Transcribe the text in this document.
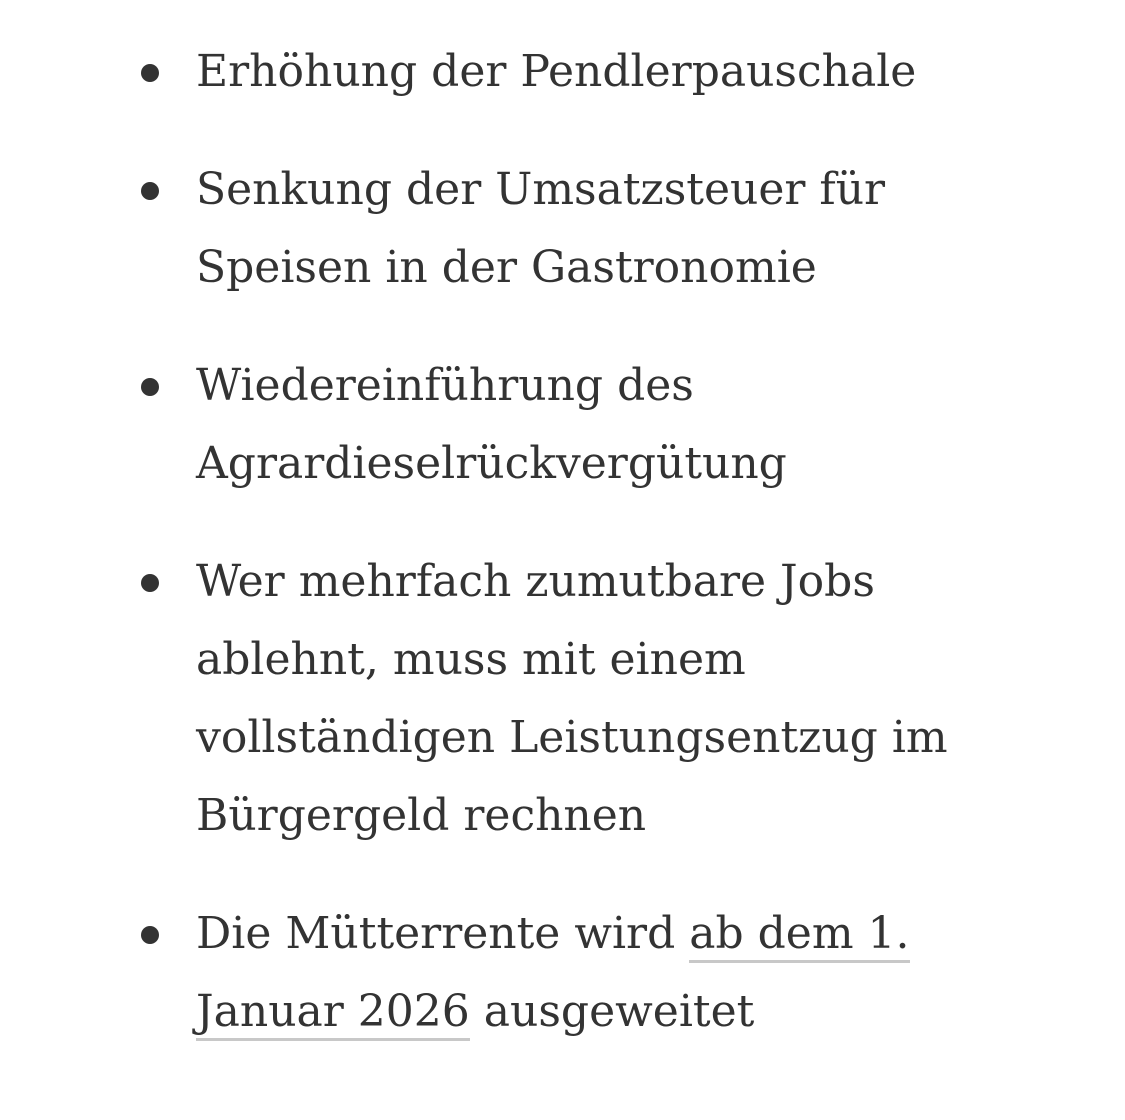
Erhöhung der Pendlerpauschale
Senkung der Umsatzsteuer für Speisen in der Gastronomie
Wiedereinführung des Agrardieselrückvergütung
Wer mehrfach zumutbare Jobs ablehnt, muss mit einem vollständigen Leistungsentzug im Bürgergeld rechnen
Die Mütterrente wird ab dem 1. Januar 2026 ausgeweitet
